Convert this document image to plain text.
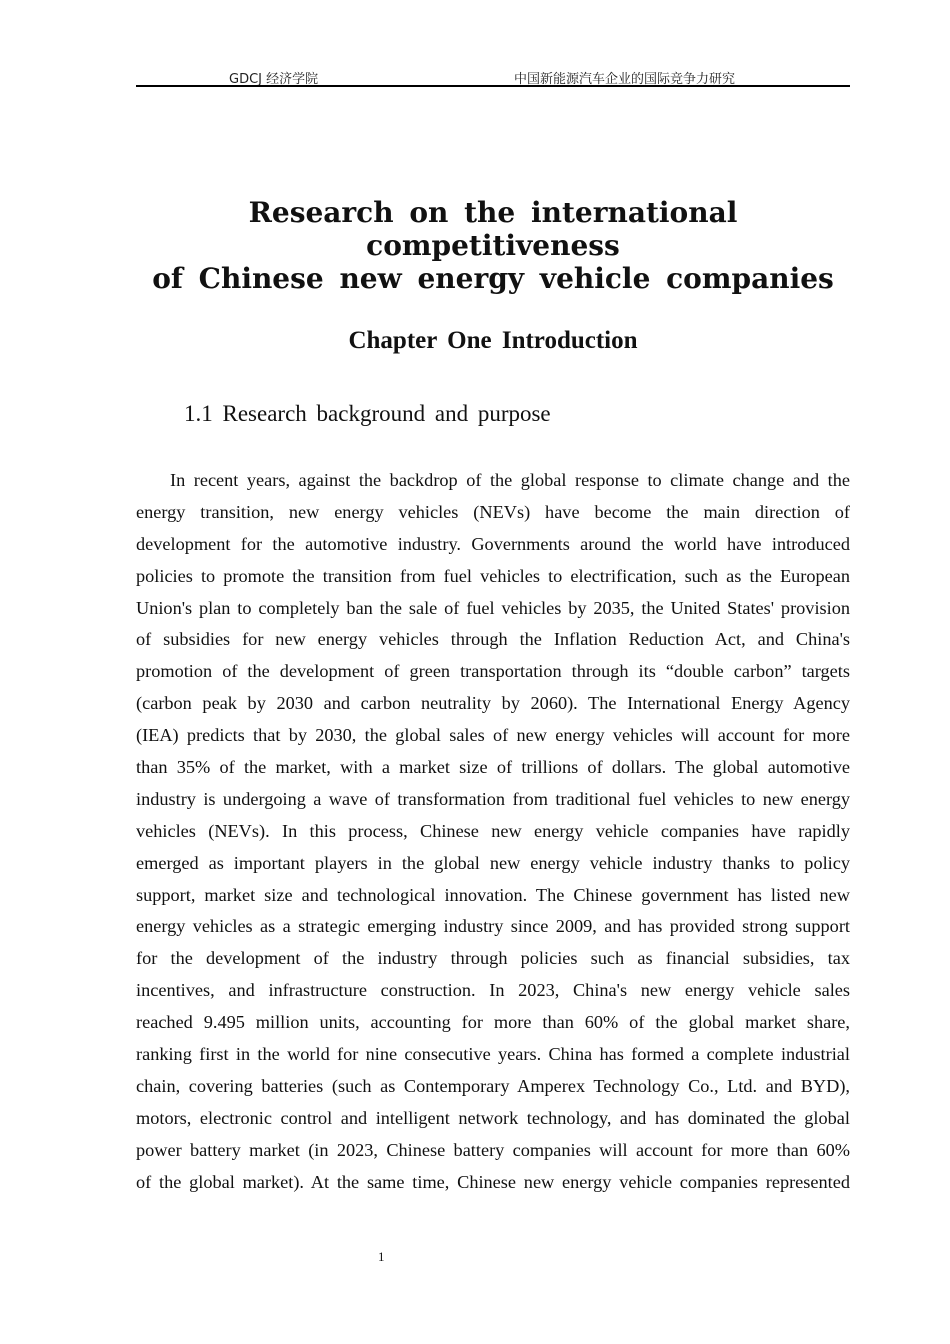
GDCJ 经济学院	中国新能源汽车企业的国际竞争力研究
Research on the international competitiveness
of Chinese new energy vehicle companies
Chapter One Introduction
1.1 Research background and purpose
In recent years, against the backdrop of the global response to climate change and the
energy transition, new energy vehicles (NEVs) have become the main direction of
development for the automotive industry. Governments around the world have introduced
policies to promote the transition from fuel vehicles to electrification, such as the European
Union's plan to completely ban the sale of fuel vehicles by 2035, the United States' provision
of subsidies for new energy vehicles through the Inflation Reduction Act, and China's
promotion of the development of green transportation through its “double carbon” targets
(carbon peak by 2030 and carbon neutrality by 2060). The International Energy Agency
(IEA) predicts that by 2030, the global sales of new energy vehicles will account for more
than 35% of the market, with a market size of trillions of dollars. The global automotive
industry is undergoing a wave of transformation from traditional fuel vehicles to new energy
vehicles (NEVs). In this process, Chinese new energy vehicle companies have rapidly
emerged as important players in the global new energy vehicle industry thanks to policy
support, market size and technological innovation. The Chinese government has listed new
energy vehicles as a strategic emerging industry since 2009, and has provided strong support
for the development of the industry through policies such as financial subsidies, tax
incentives, and infrastructure construction. In 2023, China's new energy vehicle sales
reached 9.495 million units, accounting for more than 60% of the global market share,
ranking first in the world for nine consecutive years. China has formed a complete industrial
chain, covering batteries (such as Contemporary Amperex Technology Co., Ltd. and BYD),
motors, electronic control and intelligent network technology, and has dominated the global
power battery market (in 2023, Chinese battery companies will account for more than 60%
of the global market). At the same time, Chinese new energy vehicle companies represented
1
